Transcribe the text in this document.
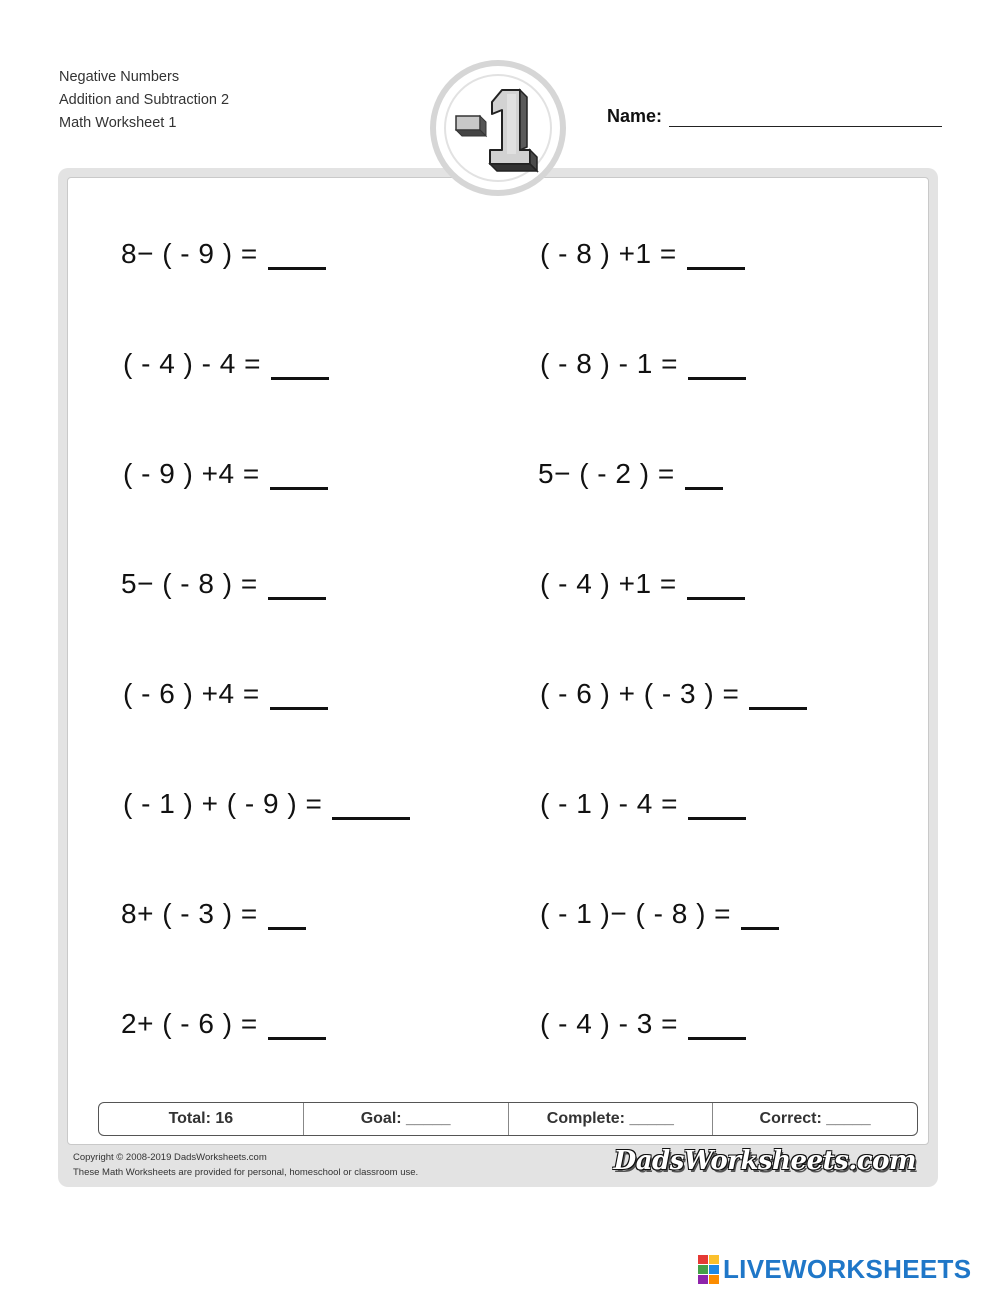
Negative Numbers
Addition and Subtraction 2
Math Worksheet 1	Name:
8− ( - 9 ) =
( - 4 ) - 4 =
( - 9 ) +4 =
5− ( - 8 ) =
( - 6 ) +4 =
( - 1 ) + ( - 9 ) =
8+ ( - 3 ) =
2+ ( - 6 ) =
( - 8 ) +1 =
( - 8 ) - 1 =
5− ( - 2 ) =
( - 4 ) +1 =
( - 6 ) + ( - 3 ) =
( - 1 ) - 4 =
( - 1 )− ( - 8 ) =
( - 4 ) - 3 =
Total: 16	Goal: _____	Complete: _____	Correct: _____
Copyright © 2008-2019 DadsWorksheets.com
These Math Worksheets are provided for personal, homeschool or classroom use.	DadsWorksheets.com
LIVEWORKSHEETS
